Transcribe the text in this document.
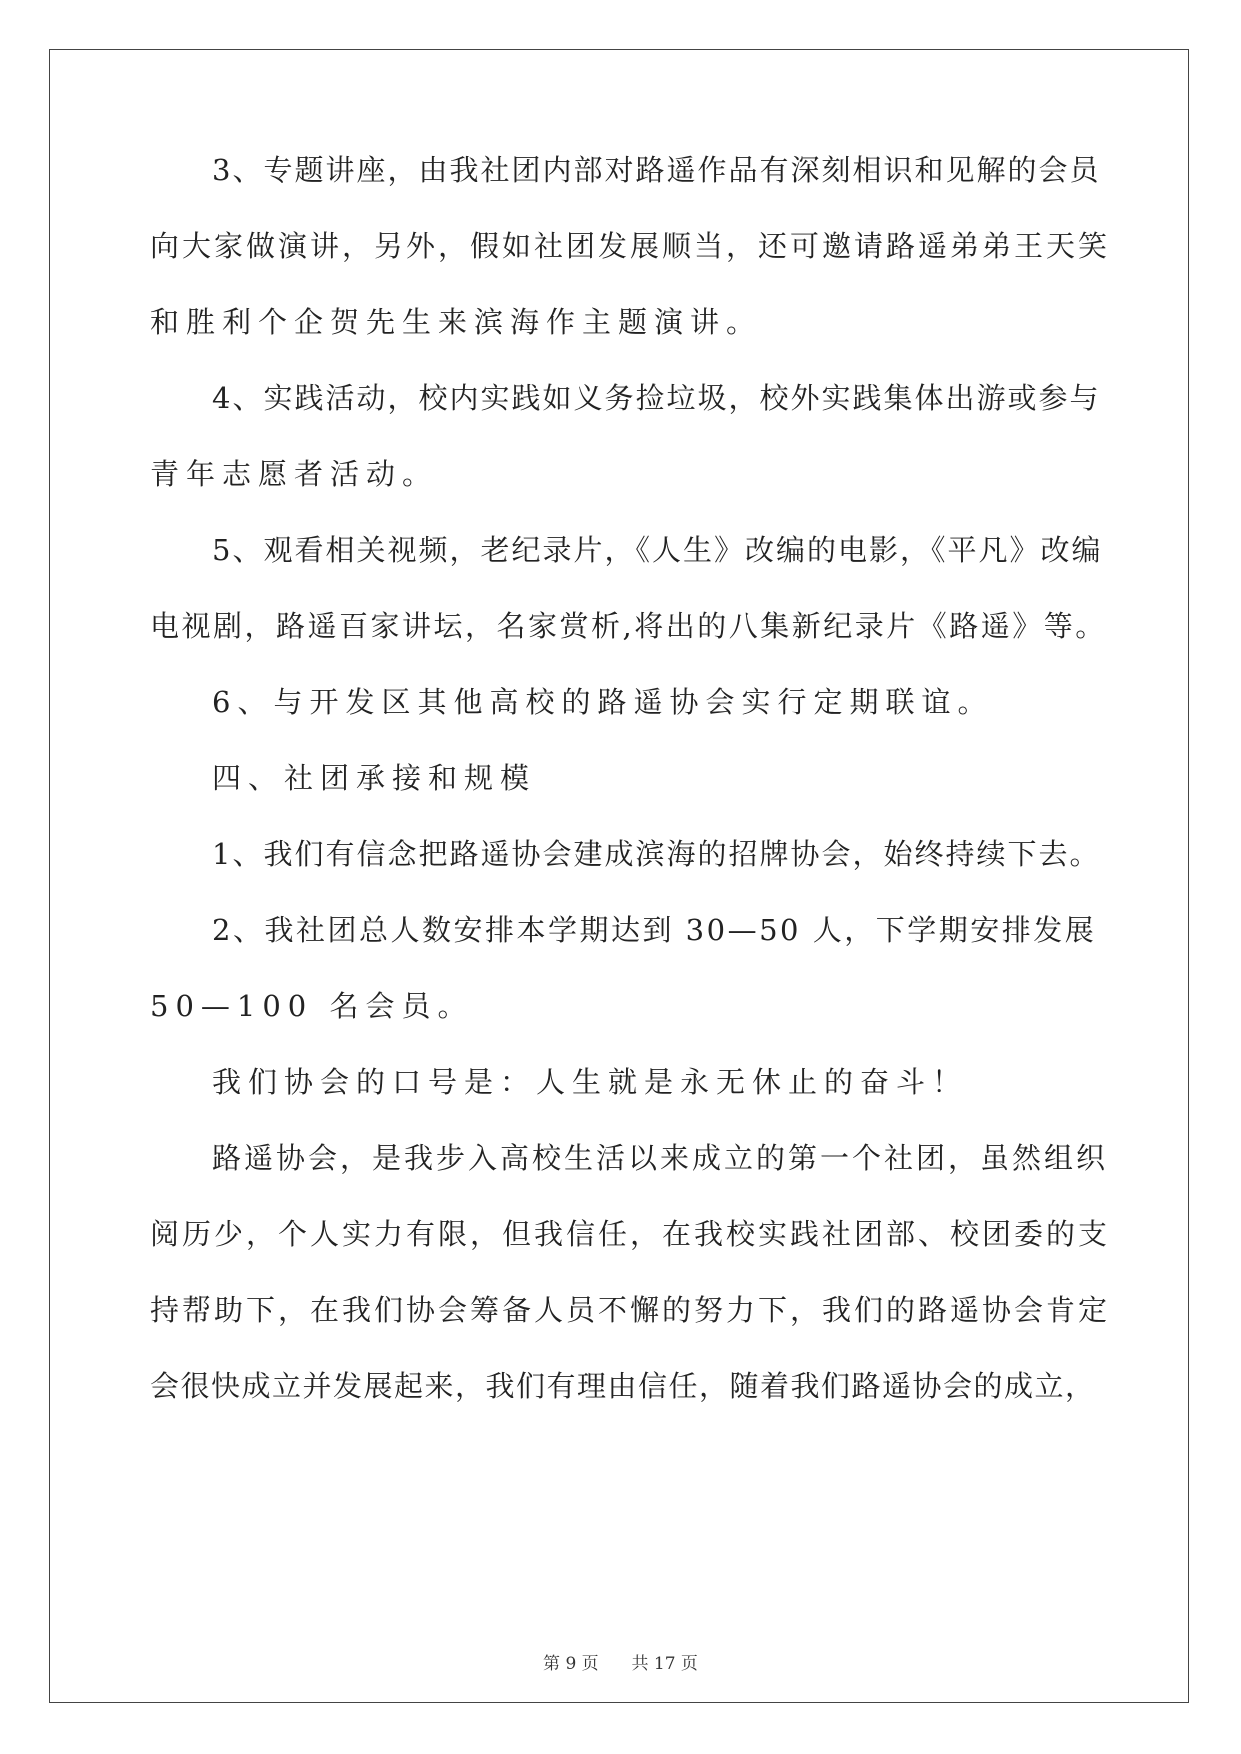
3、专题讲座，由我社团内部对路遥作品有深刻相识和见解的会员
向大家做演讲，另外，假如社团发展顺当，还可邀请路遥弟弟王天笑
和胜利个企贺先生来滨海作主题演讲。
4、实践活动，校内实践如义务捡垃圾，校外实践集体出游或参与
青年志愿者活动。
5、观看相关视频，老纪录片，《人生》改编的电影，《平凡》改编
电视剧，路遥百家讲坛，名家赏析,将出的八集新纪录片《路遥》等。
6、与开发区其他高校的路遥协会实行定期联谊。
四、社团承接和规模
1、我们有信念把路遥协会建成滨海的招牌协会，始终持续下去。
2、我社团总人数安排本学期达到 30—50 人，下学期安排发展
50—100 名会员。
我们协会的口号是：人生就是永无休止的奋斗！
路遥协会，是我步入高校生活以来成立的第一个社团，虽然组织
阅历少，个人实力有限，但我信任，在我校实践社团部、校团委的支
持帮助下，在我们协会筹备人员不懈的努力下，我们的路遥协会肯定
会很快成立并发展起来，我们有理由信任，随着我们路遥协会的成立，
第 9 页 共 17 页
